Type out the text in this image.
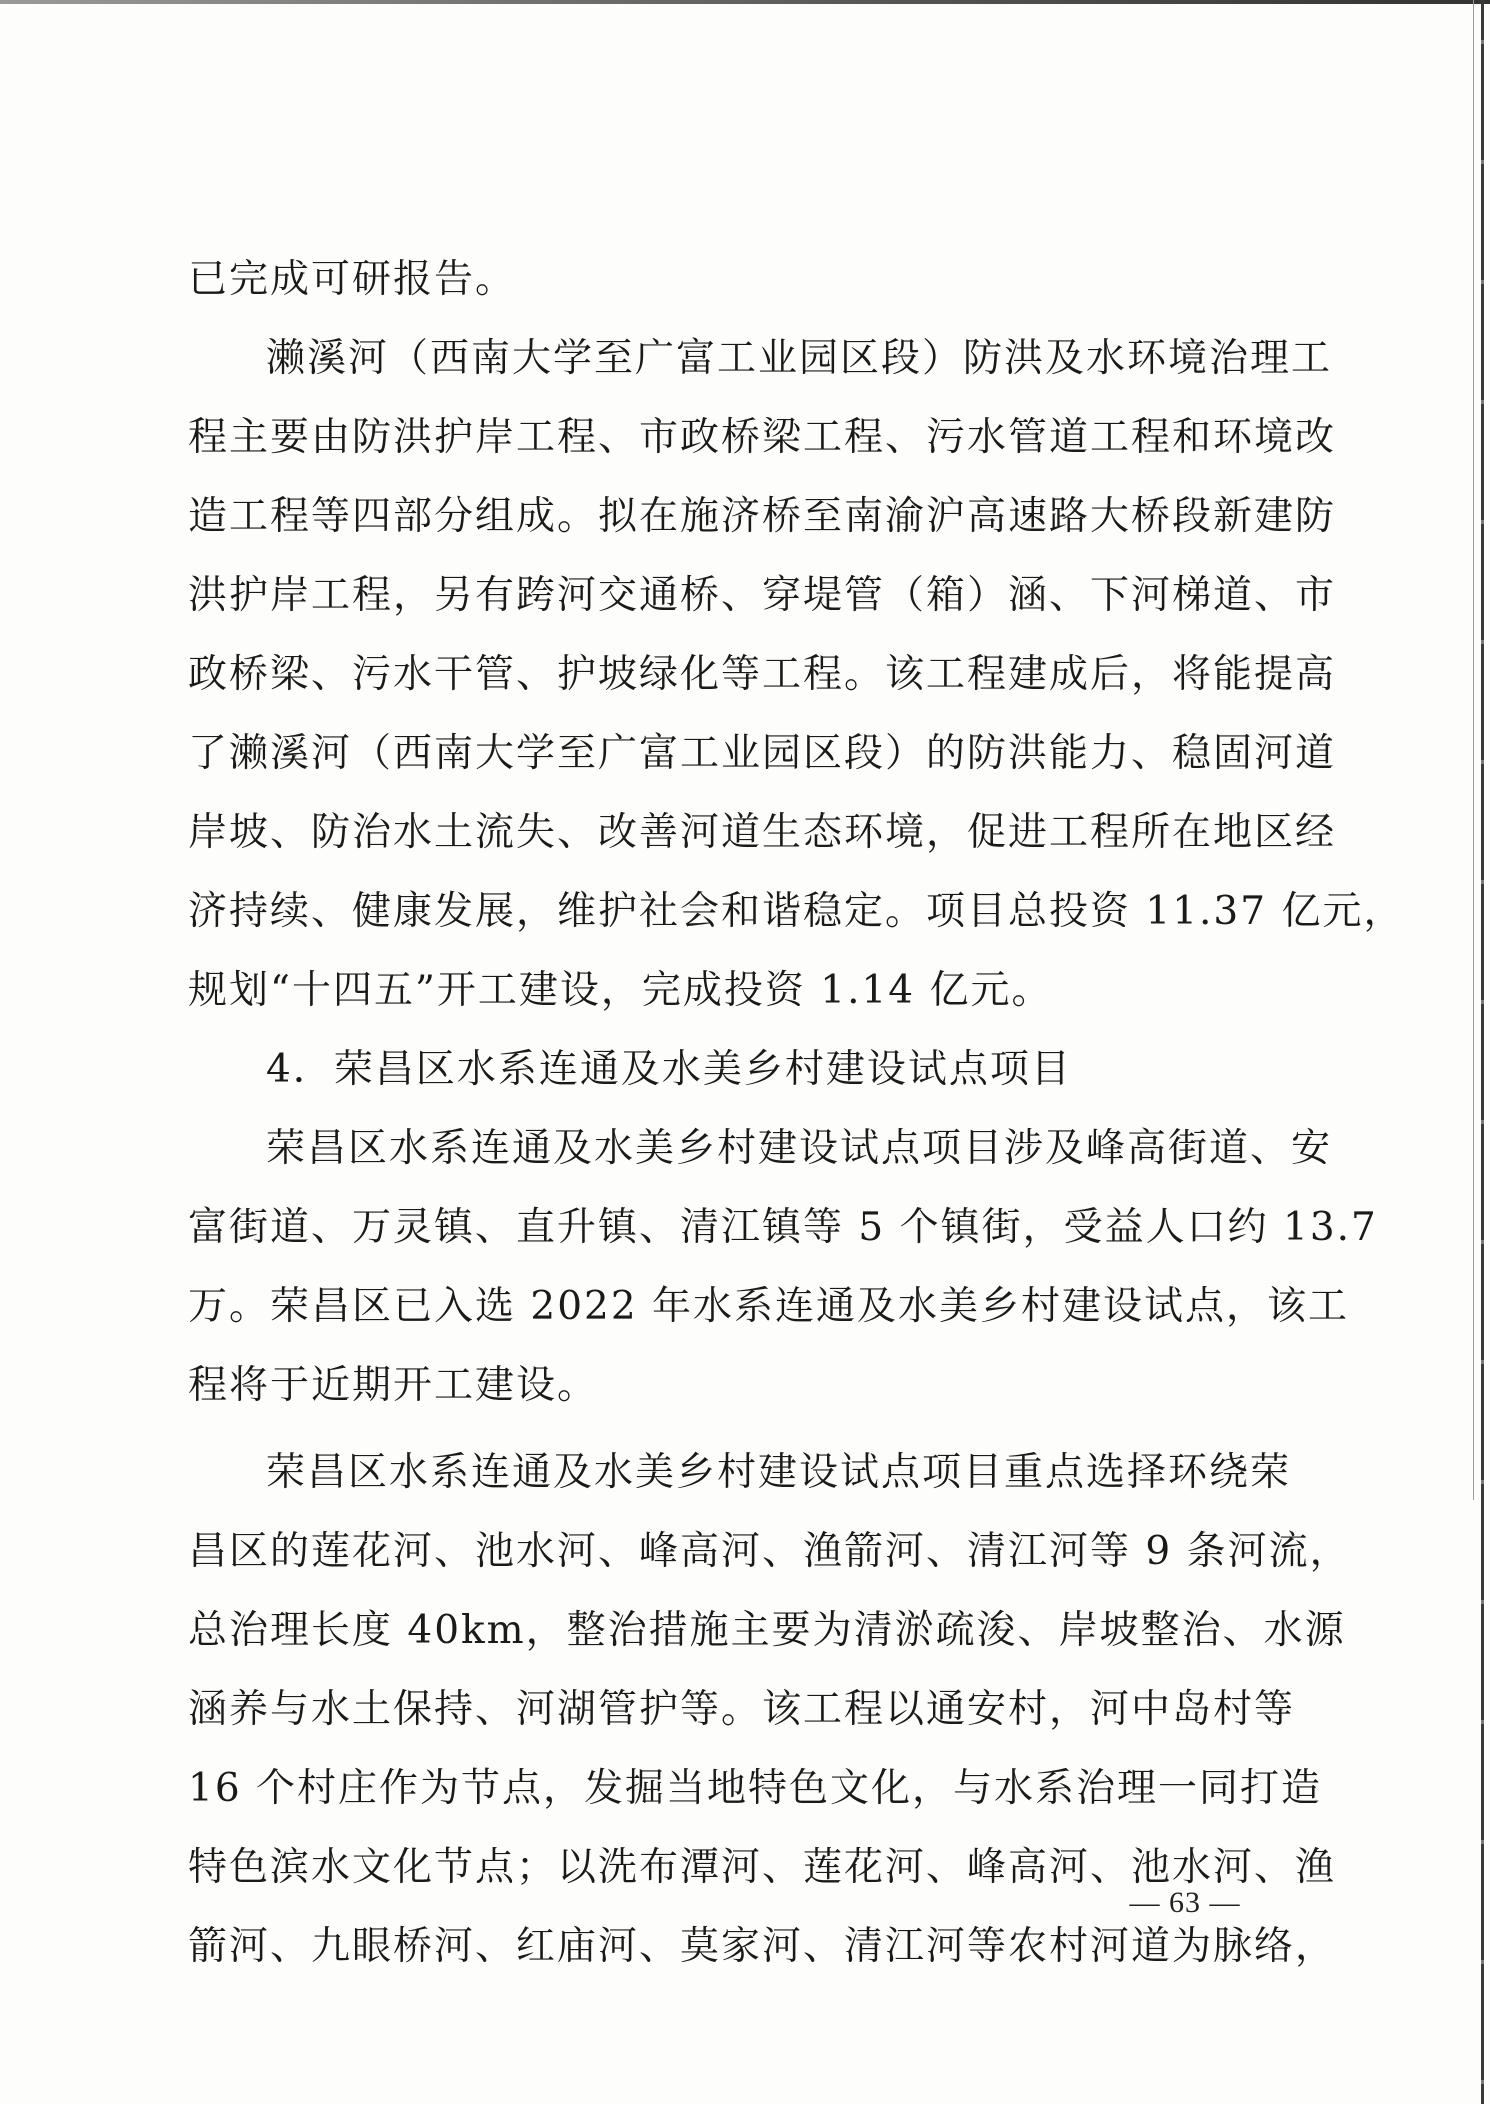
已完成可研报告。
濑溪河（西南大学至广富工业园区段）防洪及水环境治理工
程主要由防洪护岸工程、市政桥梁工程、污水管道工程和环境改
造工程等四部分组成。拟在施济桥至南渝沪高速路大桥段新建防
洪护岸工程，另有跨河交通桥、穿堤管（箱）涵、下河梯道、市
政桥梁、污水干管、护坡绿化等工程。该工程建成后，将能提高
了濑溪河（西南大学至广富工业园区段）的防洪能力、稳固河道
岸坡、防治水土流失、改善河道生态环境，促进工程所在地区经
济持续、健康发展，维护社会和谐稳定。项目总投资 11.37 亿元，
规划“十四五”开工建设，完成投资 1.14 亿元。
4．荣昌区水系连通及水美乡村建设试点项目
荣昌区水系连通及水美乡村建设试点项目涉及峰高街道、安
富街道、万灵镇、直升镇、清江镇等 5 个镇街，受益人口约 13.7
万。荣昌区已入选 2022 年水系连通及水美乡村建设试点，该工
程将于近期开工建设。
荣昌区水系连通及水美乡村建设试点项目重点选择环绕荣
昌区的莲花河、池水河、峰高河、渔箭河、清江河等 9 条河流，
总治理长度 40km，整治措施主要为清淤疏浚、岸坡整治、水源
涵养与水土保持、河湖管护等。该工程以通安村，河中岛村等
16 个村庄作为节点，发掘当地特色文化，与水系治理一同打造
特色滨水文化节点；以洗布潭河、莲花河、峰高河、池水河、渔
箭河、九眼桥河、红庙河、莫家河、清江河等农村河道为脉络，
— 63 —
